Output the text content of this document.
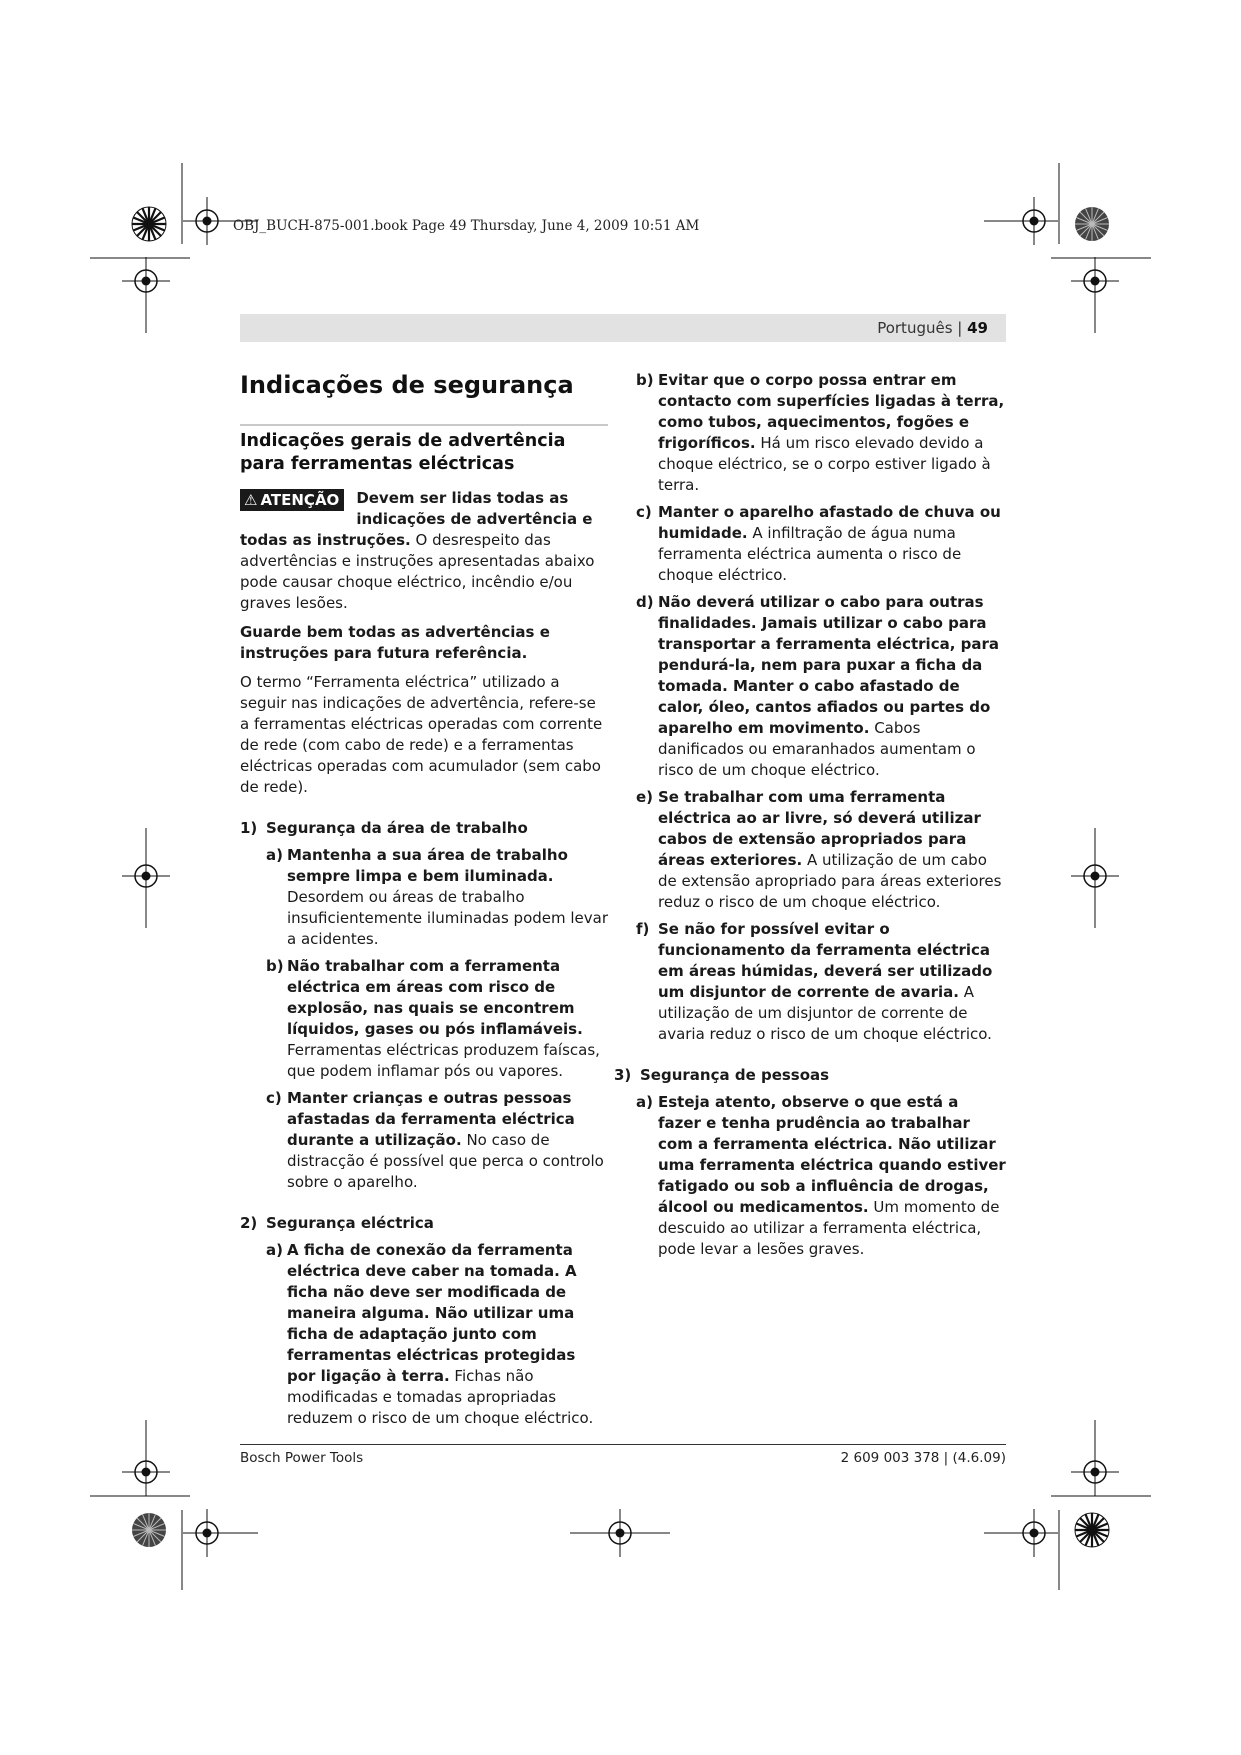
OBJ_BUCH-875-001.book Page 49 Thursday, June 4, 2009 10:51 AM
Português | 49
Indicações de segurança
Indicações gerais de advertência para ferramentas eléctricas
⚠ ATENÇÃO	Devem ser lidas todas as indicações de advertência e todas as instruções. O desrespeito das advertências e instruções apresentadas abaixo pode causar choque eléctrico, incêndio e/ou graves lesões.

Guarde bem todas as advertências e instruções para futura referência.

O termo “Ferramenta eléctrica” utilizado a seguir nas indicações de advertência, refere-se a ferramentas eléctricas operadas com corrente de rede (com cabo de rede) e a ferramentas eléctricas operadas com acumulador (sem cabo de rede).

1) Segurança da área de trabalho
a) Mantenha a sua área de trabalho sempre limpa e bem iluminada. Desordem ou áreas de trabalho insuficientemente iluminadas podem levar a acidentes.
b) Não trabalhar com a ferramenta eléctrica em áreas com risco de explosão, nas quais se encontrem líquidos, gases ou pós inflamáveis. Ferramentas eléctricas produzem faíscas, que podem inflamar pós ou vapores.
c) Manter crianças e outras pessoas afastadas da ferramenta eléctrica durante a utilização. No caso de distracção é possível que perca o controlo sobre o aparelho.
2) Segurança eléctrica
a) A ficha de conexão da ferramenta eléctrica deve caber na tomada. A ficha não deve ser modificada de maneira alguma. Não utilizar uma ficha de adaptação junto com ferramentas eléctricas protegidas por ligação à terra. Fichas não modificadas e tomadas apropriadas reduzem o risco de um choque eléctrico.
b) Evitar que o corpo possa entrar em contacto com superfícies ligadas à terra, como tubos, aquecimentos, fogões e frigoríficos. Há um risco elevado devido a choque eléctrico, se o corpo estiver ligado à terra.
c) Manter o aparelho afastado de chuva ou humidade. A infiltração de água numa ferramenta eléctrica aumenta o risco de choque eléctrico.
d) Não deverá utilizar o cabo para outras finalidades. Jamais utilizar o cabo para transportar a ferramenta eléctrica, para pendurá-la, nem para puxar a ficha da tomada. Manter o cabo afastado de calor, óleo, cantos afiados ou partes do aparelho em movimento. Cabos danificados ou emaranhados aumentam o risco de um choque eléctrico.
e) Se trabalhar com uma ferramenta eléctrica ao ar livre, só deverá utilizar cabos de extensão apropriados para áreas exteriores. A utilização de um cabo de extensão apropriado para áreas exteriores reduz o risco de um choque eléctrico.
f) Se não for possível evitar o funcionamento da ferramenta eléctrica em áreas húmidas, deverá ser utilizado um disjuntor de corrente de avaria. A utilização de um disjuntor de corrente de avaria reduz o risco de um choque eléctrico.
3) Segurança de pessoas
a) Esteja atento, observe o que está a fazer e tenha prudência ao trabalhar com a ferramenta eléctrica. Não utilizar uma ferramenta eléctrica quando estiver fatigado ou sob a influência de drogas, álcool ou medicamentos. Um momento de descuido ao utilizar a ferramenta eléctrica, pode levar a lesões graves.
Bosch Power Tools	2 609 003 378 | (4.6.09)
